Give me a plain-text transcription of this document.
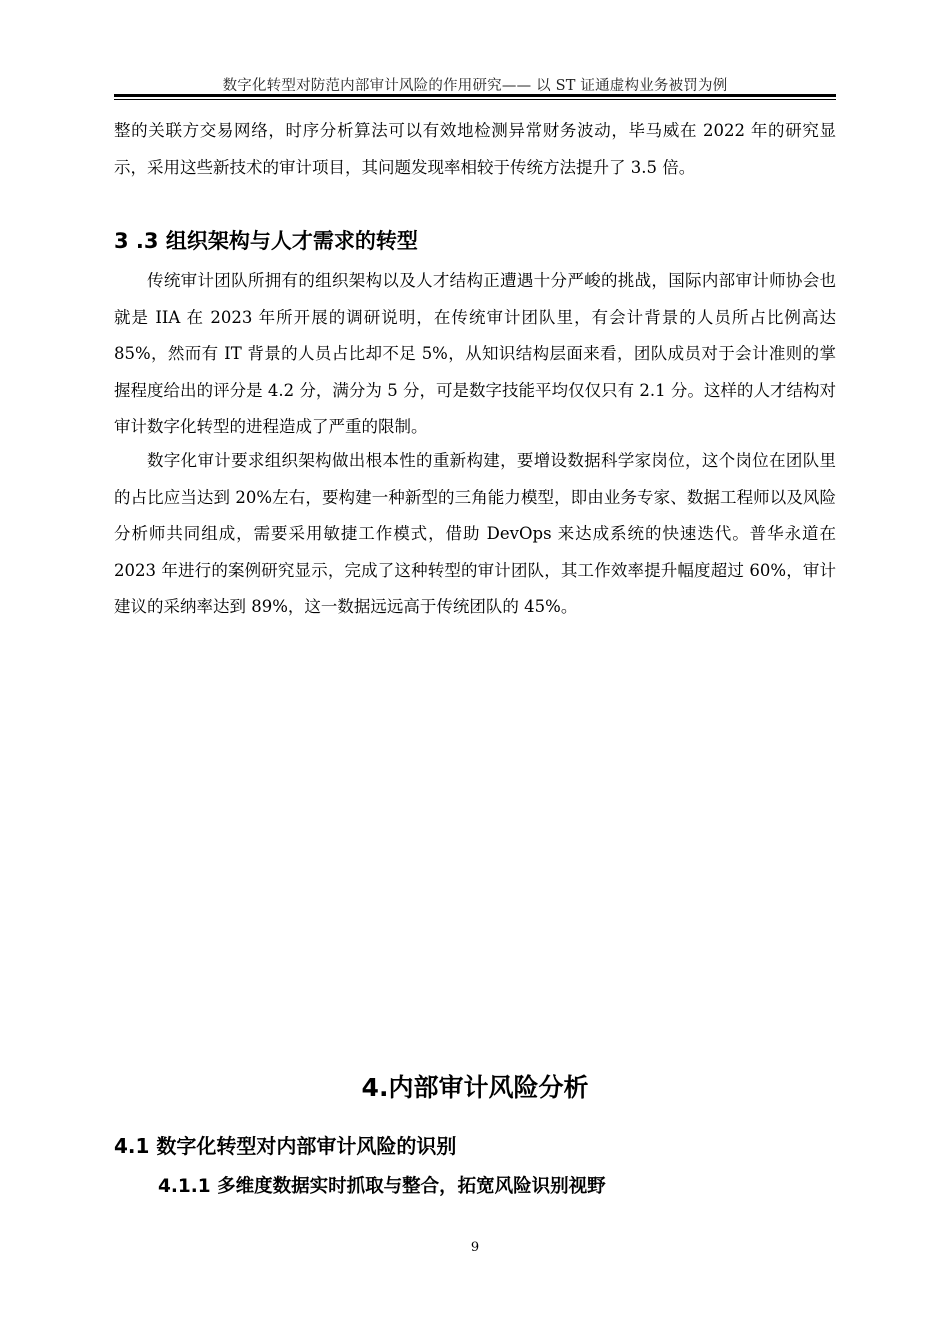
数字化转型对防范内部审计风险的作用研究—— 以 ST 证通虚构业务被罚为例

整的关联方交易网络，时序分析算法可以有效地检测异常财务波动，毕马威在 2022 年的研究显示，采用这些新技术的审计项目，其问题发现率相较于传统方法提升了 3.5 倍。

3 .3 组织架构与人才需求的转型

传统审计团队所拥有的组织架构以及人才结构正遭遇十分严峻的挑战，国际内部审计师协会也就是 IIA 在 2023 年所开展的调研说明，在传统审计团队里，有会计背景的人员所占比例高达 85%，然而有 IT 背景的人员占比却不足 5%，从知识结构层面来看，团队成员对于会计准则的掌握程度给出的评分是 4.2 分，满分为 5 分，可是数字技能平均仅仅只有 2.1 分。这样的人才结构对审计数字化转型的进程造成了严重的限制。

数字化审计要求组织架构做出根本性的重新构建，要增设数据科学家岗位，这个岗位在团队里的占比应当达到 20%左右，要构建一种新型的三角能力模型，即由业务专家、数据工程师以及风险分析师共同组成，需要采用敏捷工作模式，借助 DevOps 来达成系统的快速迭代。普华永道在 2023 年进行的案例研究显示，完成了这种转型的审计团队，其工作效率提升幅度超过 60%，审计建议的采纳率达到 89%，这一数据远远高于传统团队的 45%。

4.内部审计风险分析
4.1 数字化转型对内部审计风险的识别
4.1.1 多维度数据实时抓取与整合，拓宽风险识别视野
9
